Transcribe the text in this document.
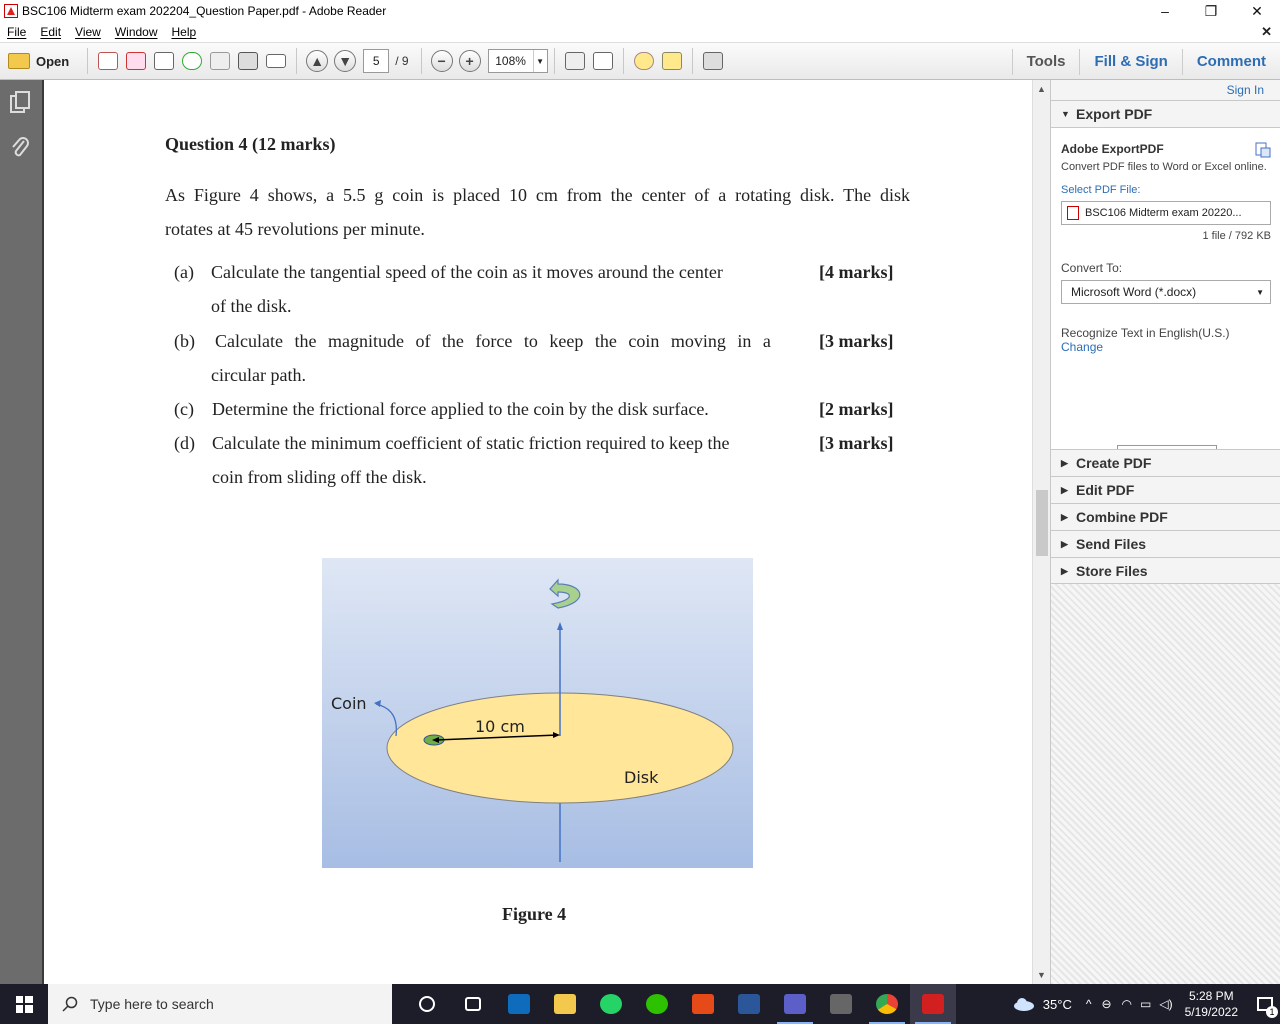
BSC106 Midterm exam 202204_Question Paper.pdf - Adobe Reader	–	❐	✕
File	Edit	View	Window	Help	✕
Open	▲ ▼	5	/ 9	−	+	108%	▼	Tools	Fill & Sign	Comment

Question 4 (12 marks)
As Figure 4 shows, a 5.5 g coin is placed 10 cm from the center of a rotating disk. The disk
rotates at 45 revolutions per minute.
(a) Calculate the tangential speed of the coin as it moves around the center
of the disk.
[4 marks]
(b) Calculate the magnitude of the force to keep the coin moving in a
circular path.
[3 marks]
(c) Determine the frictional force applied to the coin by the disk surface.	[2 marks]
(d) Calculate the minimum coefficient of static friction required to keep the
coin from sliding off the disk.
[3 marks]
Coin
10 cm
Disk
Figure 4
▲
▼
Sign In
▼ Export PDF
Adobe ExportPDF
Convert PDF files to Word or Excel online.
Select PDF File:
BSC106 Midterm exam 20220...
1 file / 792 KB
Convert To:
Microsoft Word (*.docx)	▼
Recognize Text in English(U.S.)
Change
▶ Create PDF
▶ Edit PDF
▶ Combine PDF
▶ Send Files
▶ Store Files
Type here to search	35°C ^ ⊖ ◠ ▭ ◁)
5:28 PM
5/19/2022	1
